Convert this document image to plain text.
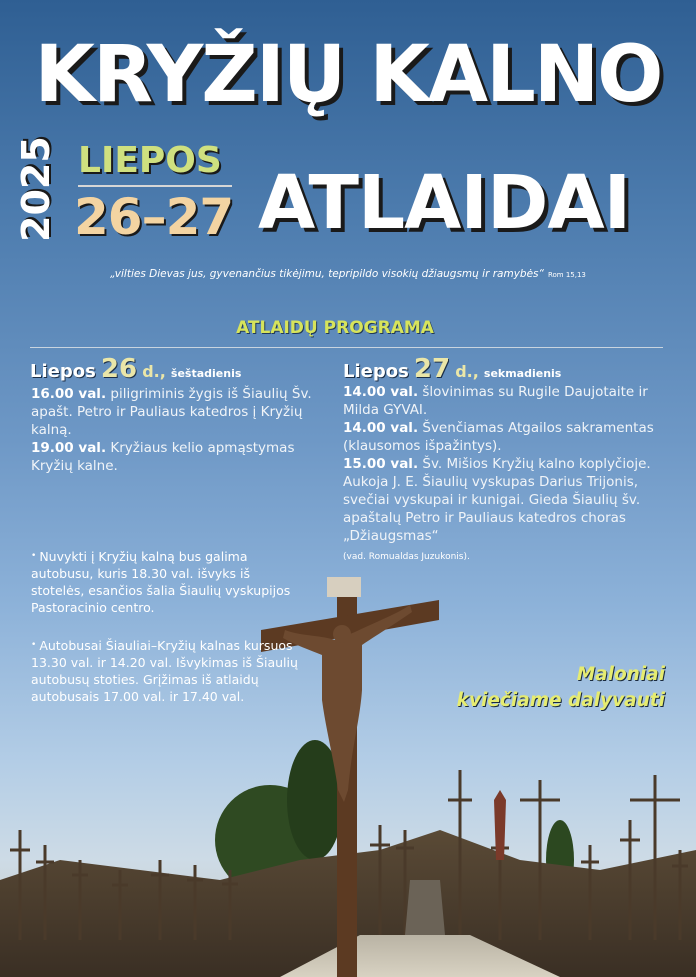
KRYŽIŲ KALNO
2025 LIEPOS
26–27 ATLAIDAI
„vilties Dievas jus, gyvenančius tikėjimu, tepripildo visokių džiaugsmų ir ramybės“ Rom 15,13
ATLAIDŲ PROGRAMA
Liepos 26 d., šeštadienis

16.00 val. piligriminis žygis iš Šiaulių Šv. apašt. Petro ir Pauliaus katedros į Kryžių kalną.

19.00 val. Kryžiaus kelio apmąstymas Kryžių kalne.

Liepos 27 d., sekmadienis

14.00 val. šlovinimas su Rugile Daujotaite ir Milda GYVAI.

14.00 val. Švenčiamas Atgailos sakramentas (klausomos išpažintys).

15.00 val. Šv. Mišios Kryžių kalno koplyčioje. Aukoja J. E. Šiaulių vyskupas Darius Trijonis, svečiai vyskupai ir kunigai. Gieda Šiaulių šv. apaštalų Petro ir Pauliaus katedros choras „Džiaugsmas“

(vad. Romualdas Juzukonis).

• Nuvykti į Kryžių kalną bus galima autobusu, kuris 18.30 val. išvyks iš stotelės, esančios šalia Šiaulių vyskupijos Pastoracinio centro.

• Autobusai Šiauliai–Kryžių kalnas kursuos 13.30 val. ir 14.20 val. Išvykimas iš Šiaulių autobusų stoties. Grįžimas iš atlaidų autobusais 17.00 val. ir 17.40 val.

Maloniai

kviečiame dalyvauti
